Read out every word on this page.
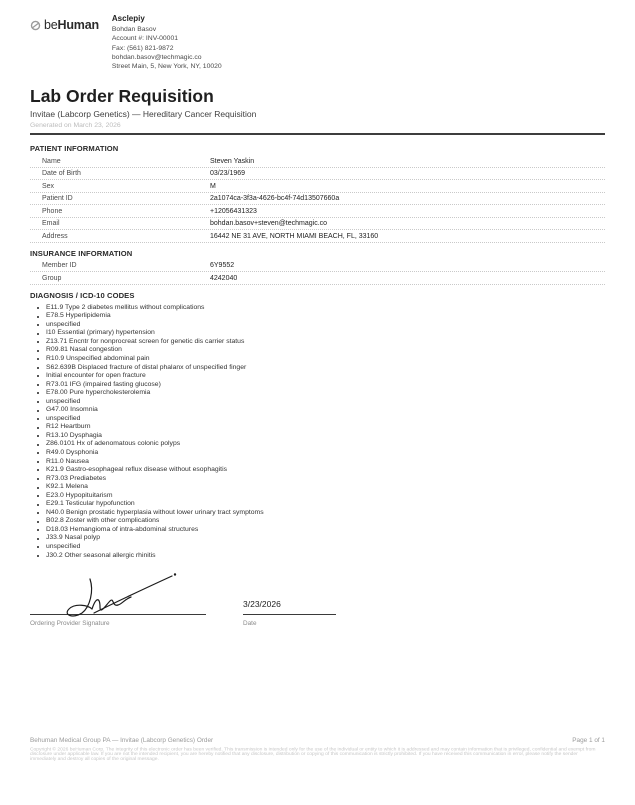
beHuman Asclepiy
Bohdan Basov
Account #: INV-00001
Fax: (561) 821-9872
bohdan.basov@techmagic.co
Street Main, 5, New York, NY, 10020
Lab Order Requisition
Invitae (Labcorp Genetics) — Hereditary Cancer Requisition
Generated on March 23, 2026
PATIENT INFORMATION
Name	Steven Yaskin
Date of Birth	03/23/1969
Sex	M
Patient ID	2a1074ca-3f3a-4626-bc4f-74d13507660a
Phone	+12056431323
Email	bohdan.basov+steven@techmagic.co
Address	16442 NE 31 AVE, NORTH MIAMI BEACH, FL, 33160
INSURANCE INFORMATION
Member ID	6Y9552
Group	4242040
DIAGNOSIS / ICD-10 CODES
E11.9 Type 2 diabetes mellitus without complications
E78.5 Hyperlipidemia
unspecified
I10 Essential (primary) hypertension
Z13.71 Encntr for nonprocreat screen for genetic dis carrier status
R09.81 Nasal congestion
R10.9 Unspecified abdominal pain
S62.639B Displaced fracture of distal phalanx of unspecified finger
Initial encounter for open fracture
R73.01 IFG (impaired fasting glucose)
E78.00 Pure hypercholesterolemia
unspecified
G47.00 Insomnia
unspecified
R12 Heartburn
R13.10 Dysphagia
Z86.0101 Hx of adenomatous colonic polyps
R49.0 Dysphonia
R11.0 Nausea
K21.9 Gastro-esophageal reflux disease without esophagitis
R73.03 Prediabetes
K92.1 Melena
E23.0 Hypopituitarism
E29.1 Testicular hypofunction
N40.0 Benign prostatic hyperplasia without lower urinary tract symptoms
B02.8 Zoster with other complications
D18.03 Hemangioma of intra-abdominal structures
J33.9 Nasal polyp
unspecified
J30.2 Other seasonal allergic rhinitis
Ordering Provider Signature
3/23/2026
Date
Behuman Medical Group PA — Invitae (Labcorp Genetics) Order	Page 1 of 1
Copyright © 2026 beHuman Corp. The integrity of this electronic order has been verified. This transmission is intended only for the use of the individual or entity to which it is addressed and may contain information that is privileged, confidential and exempt from disclosure under applicable law. If you are not the intended recipient, you are hereby notified that any disclosure, distribution or copying of this communication is strictly prohibited. If you have received this communication in error, please notify the sender immediately and destroy all copies of the original message.
